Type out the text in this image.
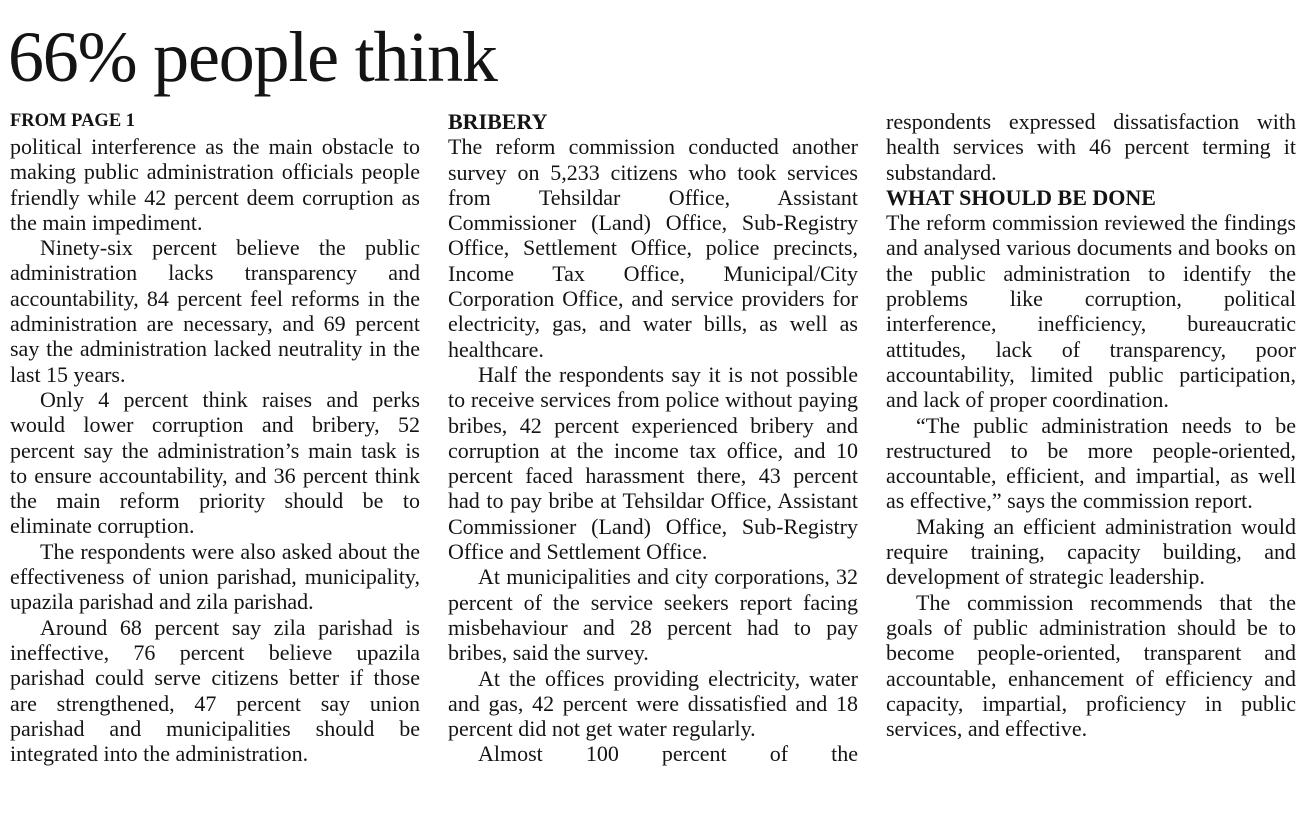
66% people think
FROM PAGE 1

political interference as the main obstacle to making public administration officials people friendly while 42 percent deem corruption as the main impediment.

Ninety-six percent believe the public administration lacks transparency and accountability, 84 percent feel reforms in the administration are necessary, and 69 percent say the administration lacked neutrality in the last 15 years.

Only 4 percent think raises and perks would lower corruption and bribery, 52 percent say the administration’s main task is to ensure accountability, and 36 percent think the main reform priority should be to eliminate corruption.

The respondents were also asked about the effectiveness of union parishad, municipality, upazila parishad and zila parishad.

Around 68 percent say zila parishad is ineffective, 76 percent believe upazila parishad could serve citizens better if those are strengthened, 47 percent say union parishad and municipalities should be integrated into the administration.

BRIBERY

The reform commission conducted another survey on 5,233 citizens who took services from Tehsildar Office, Assistant Commissioner (Land) Office, Sub-Registry Office, Settlement Office, police precincts, Income Tax Office, Municipal/City Corporation Office, and service providers for electricity, gas, and water bills, as well as healthcare.

Half the respondents say it is not possible to receive services from police without paying bribes, 42 percent experienced bribery and corruption at the income tax office, and 10 percent faced harassment there, 43 percent had to pay bribe at Tehsildar Office, Assistant Commissioner (Land) Office, Sub-Registry Office and Settlement Office.

At municipalities and city corporations, 32 percent of the service seekers report facing misbehaviour and 28 percent had to pay bribes, said the survey.

At the offices providing electricity, water and gas, 42 percent were dissatisfied and 18 percent did not get water regularly.

Almost 100 percent of the

respondents expressed dissatisfaction with health services with 46 percent terming it substandard.

WHAT SHOULD BE DONE

The reform commission reviewed the findings and analysed various documents and books on the public administration to identify the problems like corruption, political interference, inefficiency, bureaucratic attitudes, lack of transparency, poor accountability, limited public participation, and lack of proper coordination.

“The public administration needs to be restructured to be more people-oriented, accountable, efficient, and impartial, as well as effective,” says the commission report.

Making an efficient administration would require training, capacity building, and development of strategic leadership.

The commission recommends that the goals of public administration should be to become people-oriented, transparent and accountable, enhancement of efficiency and capacity, impartial, proficiency in public services, and effective.
